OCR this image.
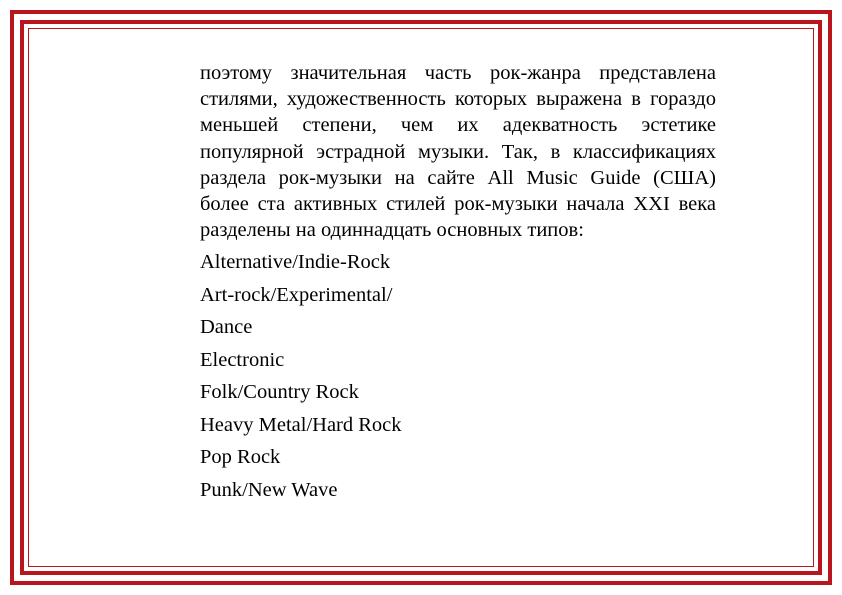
поэтому значительная часть рок-жанра представлена стилями, художественность которых выражена в гораздо меньшей степени, чем их адекватность эстетике популярной эстрадной музыки. Так, в классификациях раздела рок-музыки на сайте All Music Guide (США) более ста активных стилей рок-музыки начала XXI века разделены на одиннадцать основных типов:

Alternative/Indie-Rock
Art-rock/Experimental/
Dance
Electronic
Folk/Country Rock
Heavy Metal/Hard Rock
Pop Rock
Punk/New Wave
